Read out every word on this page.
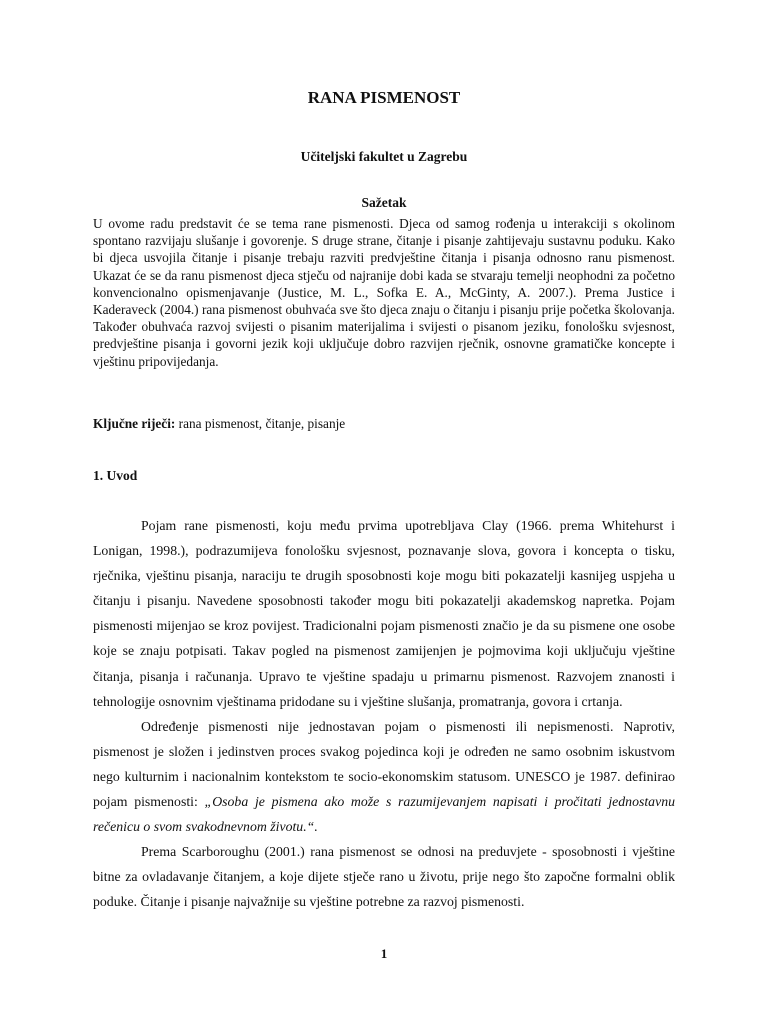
RANA PISMENOST
Učiteljski fakultet u Zagrebu
Sažetak

U ovome radu predstavit će se tema rane pismenosti. Djeca od samog rođenja u interakciji s okolinom spontano razvijaju slušanje i govorenje. S druge strane, čitanje i pisanje zahtijevaju sustavnu poduku. Kako bi djeca usvojila čitanje i pisanje trebaju razviti predvještine čitanja i pisanja odnosno ranu pismenost. Ukazat će se da ranu pismenost djeca stječu od najranije dobi kada se stvaraju temelji neophodni za početno konvencionalno opismenjavanje (Justice, M. L., Sofka E. A., McGinty, A. 2007.). Prema Justice i Kaderaveck (2004.) rana pismenost obuhvaća sve što djeca znaju o čitanju i pisanju prije početka školovanja. Također obuhvaća razvoj svijesti o pisanim materijalima i svijesti o pisanom jeziku, fonološku svjesnost, predvještine pisanja i govorni jezik koji uključuje dobro razvijen rječnik, osnovne gramatičke koncepte i vještinu pripovijedanja.

Ključne riječi: rana pismenost, čitanje, pisanje

1. Uvod

Pojam rane pismenosti, koju među prvima upotrebljava Clay (1966. prema Whitehurst i Lonigan, 1998.), podrazumijeva fonološku svjesnost, poznavanje slova, govora i koncepta o tisku, rječnika, vještinu pisanja, naraciju te drugih sposobnosti koje mogu biti pokazatelji kasnijeg uspjeha u čitanju i pisanju. Navedene sposobnosti također mogu biti pokazatelji akademskog napretka. Pojam pismenosti mijenjao se kroz povijest. Tradicionalni pojam pismenosti značio je da su pismene one osobe koje se znaju potpisati. Takav pogled na pismenost zamijenjen je pojmovima koji uključuju vještine čitanja, pisanja i računanja. Upravo te vještine spadaju u primarnu pismenost. Razvojem znanosti i tehnologije osnovnim vještinama pridodane su i vještine slušanja, promatranja, govora i crtanja.

Određenje pismenosti nije jednostavan pojam o pismenosti ili nepismenosti. Naprotiv, pismenost je složen i jedinstven proces svakog pojedinca koji je određen ne samo osobnim iskustvom nego kulturnim i nacionalnim kontekstom te socio-ekonomskim statusom. UNESCO je 1987. definirao pojam pismenosti: „Osoba je pismena ako može s razumijevanjem napisati i pročitati jednostavnu rečenicu o svom svakodnevnom životu.“.

Prema Scarboroughu (2001.) rana pismenost se odnosi na preduvjete - sposobnosti i vještine bitne za ovladavanje čitanjem, a koje dijete stječe rano u životu, prije nego što započne formalni oblik poduke. Čitanje i pisanje najvažnije su vještine potrebne za razvoj pismenosti.

1
